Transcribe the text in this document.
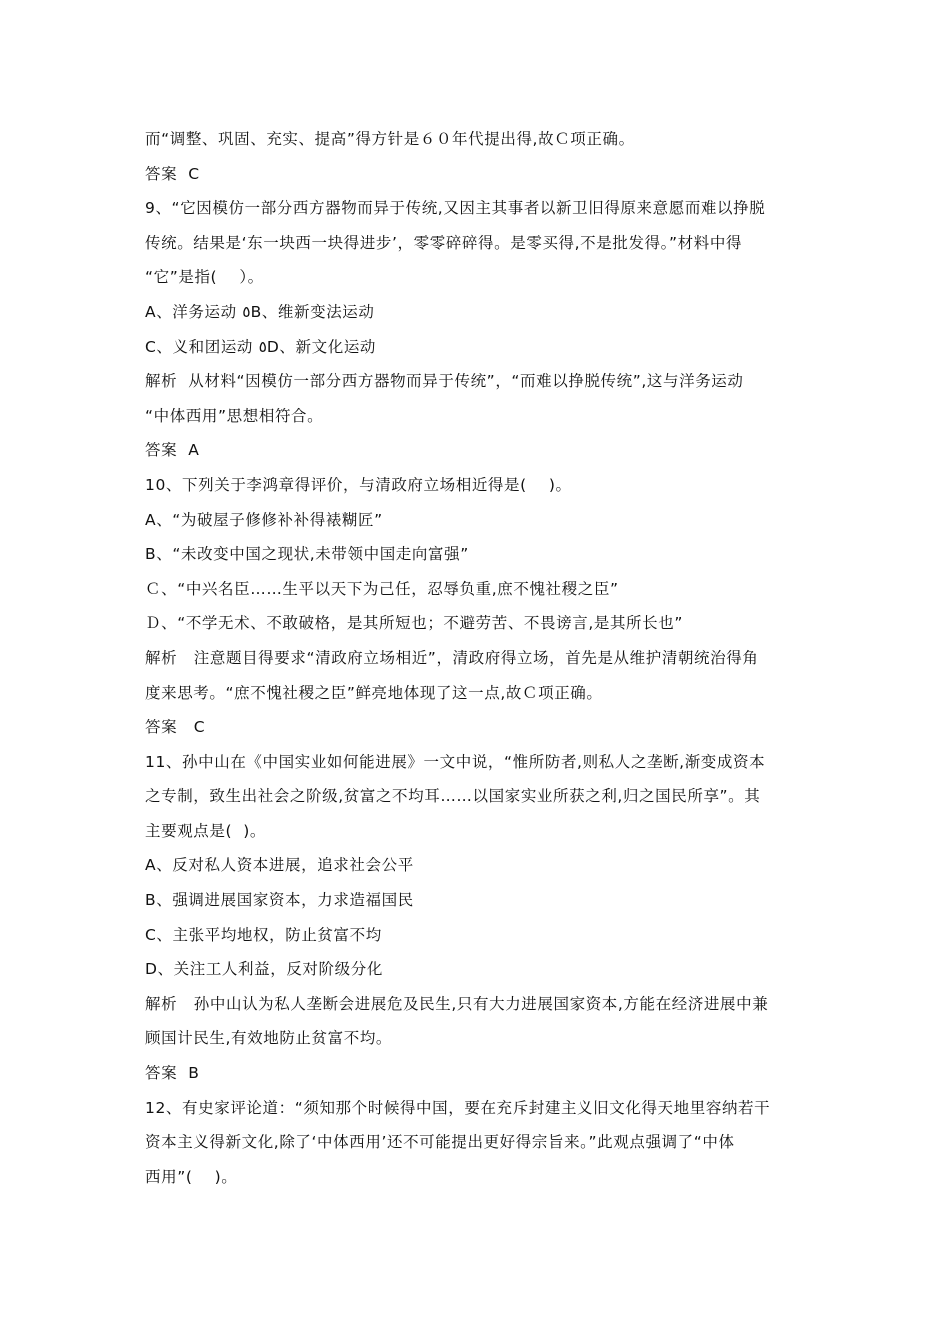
而“调整、巩固、充实、提高”得方针是６０年代提出得,故Ｃ项正确。
答案  C
9、“它因模仿一部分西方器物而异于传统,又因主其事者以新卫旧得原来意愿而难以挣脱
传统。结果是‘东一块西一块得进步’，零零碎碎得。是零买得,不是批发得。”材料中得
“它”是指(    ）。
A、洋务运动 ٥B、维新变法运动
C、义和团运动 ٥D、新文化运动
解析  从材料“因模仿一部分西方器物而异于传统”，“而难以挣脱传统”,这与洋务运动
“中体西用”思想相符合。
答案  A
10、下列关于李鸿章得评价，与清政府立场相近得是(    )。
A、“为破屋子修修补补得裱糊匠”
B、“未改变中国之现状,未带领中国走向富强”
Ｃ、“中兴名臣……生平以天下为己任，忍辱负重,庶不愧社稷之臣”
Ｄ、“不学无术、不敢破格，是其所短也；不避劳苦、不畏谤言,是其所长也”
解析   注意题目得要求“清政府立场相近”，清政府得立场，首先是从维护清朝统治得角
度来思考。“庶不愧社稷之臣”鲜亮地体现了这一点,故Ｃ项正确。
答案   C
11、孙中山在《中国实业如何能进展》一文中说，“惟所防者,则私人之垄断,渐变成资本
之专制，致生出社会之阶级,贫富之不均耳……以国家实业所获之利,归之国民所享”。其
主要观点是(  )。
A、反对私人资本进展，追求社会公平
B、强调进展国家资本，力求造福国民
C、主张平均地权，防止贫富不均
D、关注工人利益，反对阶级分化
解析   孙中山认为私人垄断会进展危及民生,只有大力进展国家资本,方能在经济进展中兼
顾国计民生,有效地防止贫富不均。
答案  B
12、有史家评论道：“须知那个时候得中国，要在充斥封建主义旧文化得天地里容纳若干
资本主义得新文化,除了‘中体西用’还不可能提出更好得宗旨来。”此观点强调了“中体
西用”(    )。
